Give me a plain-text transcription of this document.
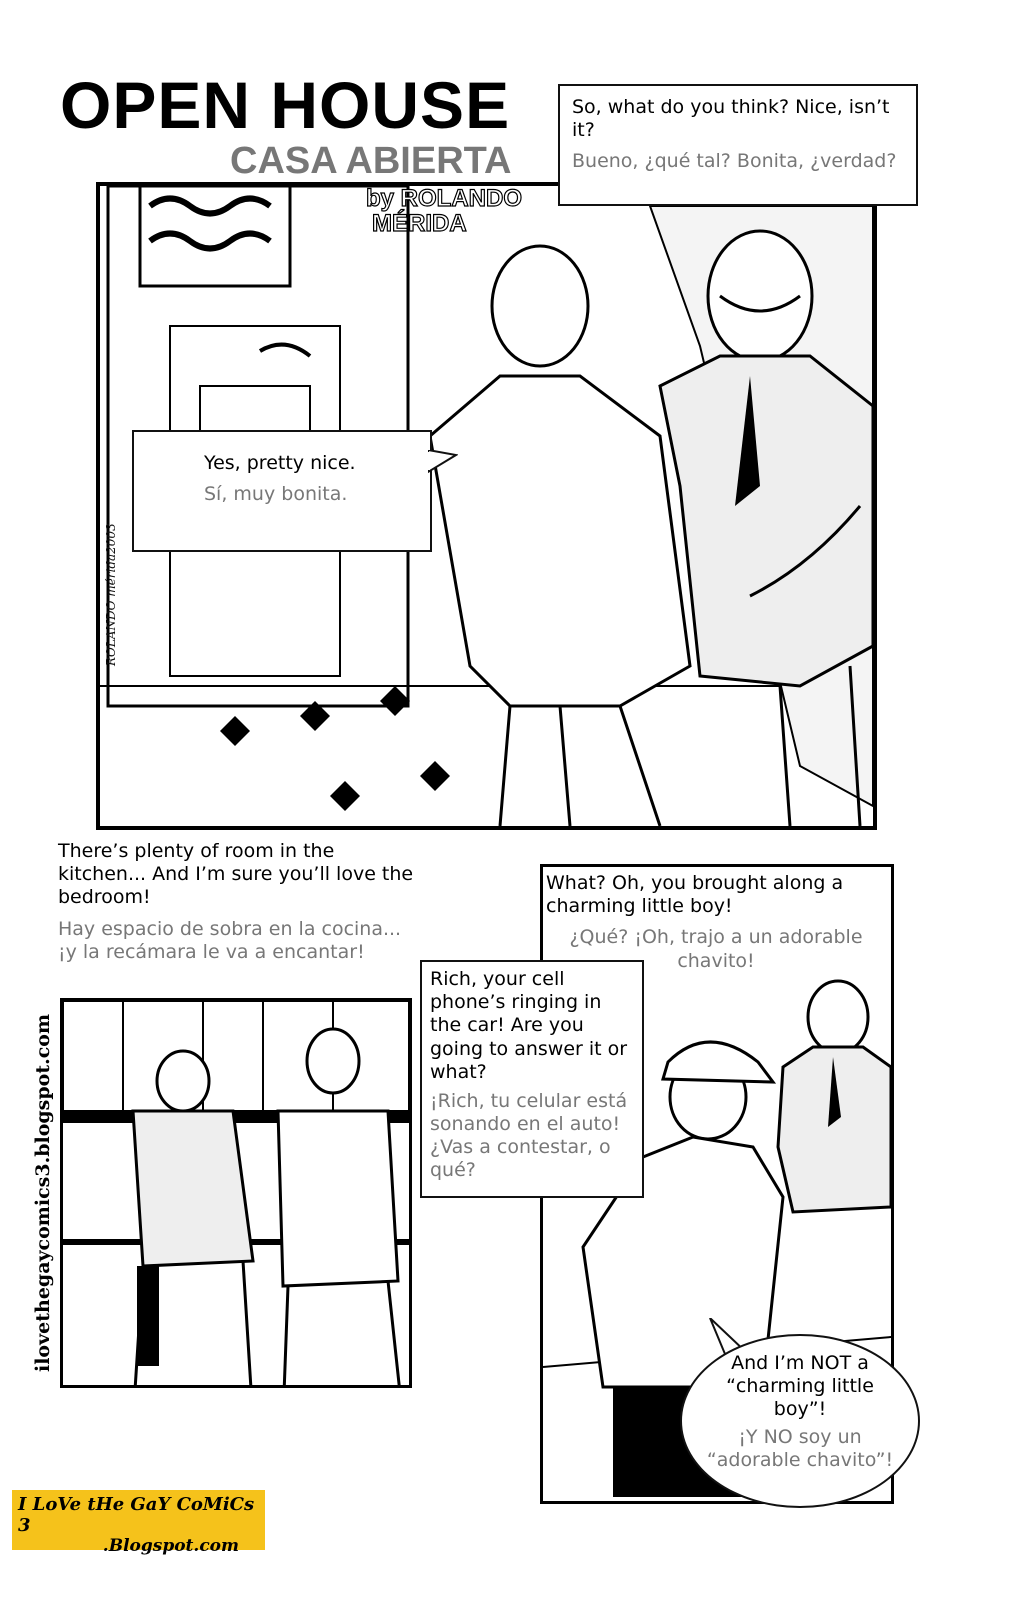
OPEN HOUSE
CASA ABIERTA
ROLANDO mérida2003
by ROLANDO
MÉRIDA
So, what do you think? Nice, isn’t it?
Bueno, ¿qué tal? Bonita, ¿verdad?
Yes, pretty nice.
Sí, muy bonita.
There’s plenty of room in the kitchen... And I’m sure you’ll love the bedroom!
Hay espacio de sobra en la cocina... ¡y la recámara le va a encantar!
What? Oh, you brought along a charming little boy!
¿Qué? ¡Oh, trajo a un adorable chavito!
Rich, your cell phone’s ringing in the car! Are you going to answer it or what?
¡Rich, tu celular está sonando en el auto! ¿Vas a contestar, o qué?
And I’m NOT a “charming little boy”!
¡Y NO soy un “adorable chavito”!
ilovethegaycomics3.blogspot.com
I LoVe tHe GaY CoMiCs 3
.Blogspot.com
